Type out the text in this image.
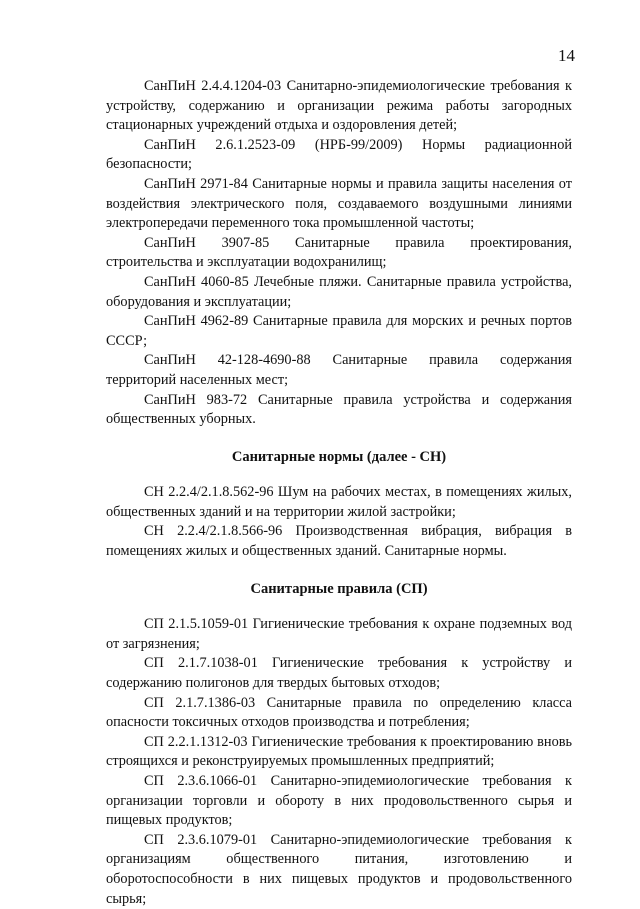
14

СанПиН 2.4.4.1204-03 Санитарно-эпидемиологические требования к устройству, содержанию и организации режима работы загородных стационарных учреждений отдыха и оздоровления детей;

СанПиН 2.6.1.2523-09 (НРБ-99/2009) Нормы радиационной безопасности;

СанПиН 2971-84 Санитарные нормы и правила защиты населения от воздействия электрического поля, создаваемого воздушными линиями электропередачи переменного тока промышленной частоты;

СанПиН 3907-85 Санитарные правила проектирования, строительства и эксплуатации водохранилищ;

СанПиН 4060-85 Лечебные пляжи. Санитарные правила устройства, оборудования и эксплуатации;

СанПиН 4962-89 Санитарные правила для морских и речных портов СССР;

СанПиН 42-128-4690-88 Санитарные правила содержания территорий населенных мест;

СанПиН 983-72 Санитарные правила устройства и содержания общественных уборных.

Санитарные нормы (далее - СН)

СН 2.2.4/2.1.8.562-96 Шум на рабочих местах, в помещениях жилых, общественных зданий и на территории жилой застройки;

СН 2.2.4/2.1.8.566-96 Производственная вибрация, вибрация в помещениях жилых и общественных зданий. Санитарные нормы.

Санитарные правила (СП)

СП 2.1.5.1059-01 Гигиенические требования к охране подземных вод от загрязнения;

СП 2.1.7.1038-01 Гигиенические требования к устройству и содержанию полигонов для твердых бытовых отходов;

СП 2.1.7.1386-03 Санитарные правила по определению класса опасности токсичных отходов производства и потребления;

СП 2.2.1.1312-03 Гигиенические требования к проектированию вновь строящихся и реконструируемых промышленных предприятий;

СП 2.3.6.1066-01 Санитарно-эпидемиологические требования к организации торговли и обороту в них продовольственного сырья и пищевых продуктов;

СП 2.3.6.1079-01 Санитарно-эпидемиологические требования к организациям общественного питания, изготовлению и оборотоспособности в них пищевых продуктов и продовольственного сырья;
